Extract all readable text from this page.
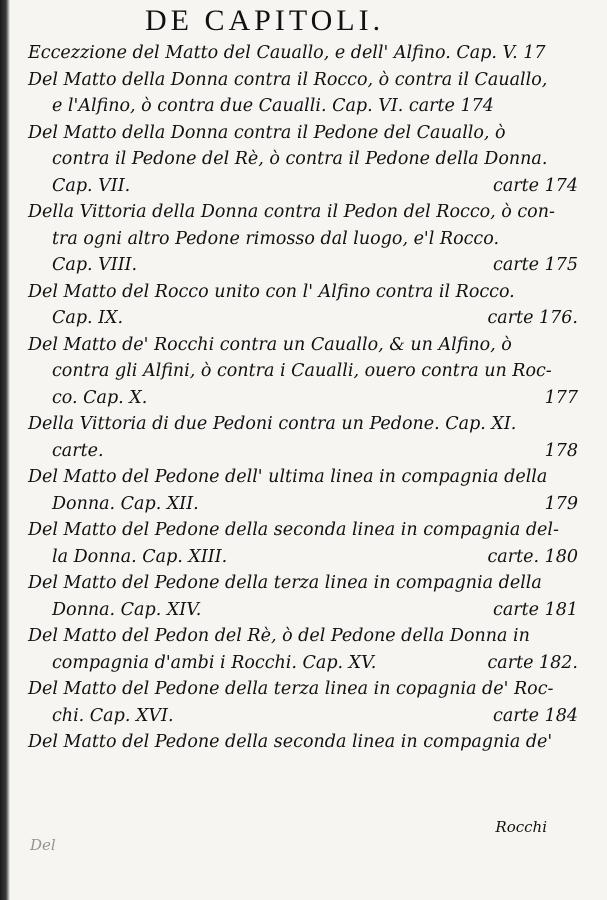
DE CAPITOLI.
Eccezzione del Matto del Cauallo, e dell' Alfino. Cap. V. 17
Del Matto della Donna contra il Rocco, ò contra il Cauallo,
e l'Alfino, ò contra due Caualli. Cap. VI. carte 174
Del Matto della Donna contra il Pedone del Cauallo, ò
contra il Pedone del Rè, ò contra il Pedone della Donna.
Cap. VII.	carte 174
Della Vittoria della Donna contra il Pedon del Rocco, ò con-
tra ogni altro Pedone rimosso dal luogo, e'l Rocco.
Cap. VIII.	carte 175
Del Matto del Rocco unito con l' Alfino contra il Rocco.
Cap. IX.	carte 176.
Del Matto de' Rocchi contra un Cauallo, & un Alfino, ò
contra gli Alfini, ò contra i Caualli, ouero contra un Roc-
co. Cap. X.	177
Della Vittoria di due Pedoni contra un Pedone. Cap. XI.
carte.	178
Del Matto del Pedone dell' ultima linea in compagnia della
Donna. Cap. XII.	179
Del Matto del Pedone della seconda linea in compagnia del-
la Donna. Cap. XIII.	carte. 180
Del Matto del Pedone della terza linea in compagnia della
Donna. Cap. XIV.	carte 181
Del Matto del Pedon del Rè, ò del Pedone della Donna in
compagnia d'ambi i Rocchi. Cap. XV.	carte 182.
Del Matto del Pedone della terza linea in copagnia de' Roc-
chi. Cap. XVI.	carte 184
Del Matto del Pedone della seconda linea in compagnia de'
Rocchi
Del
